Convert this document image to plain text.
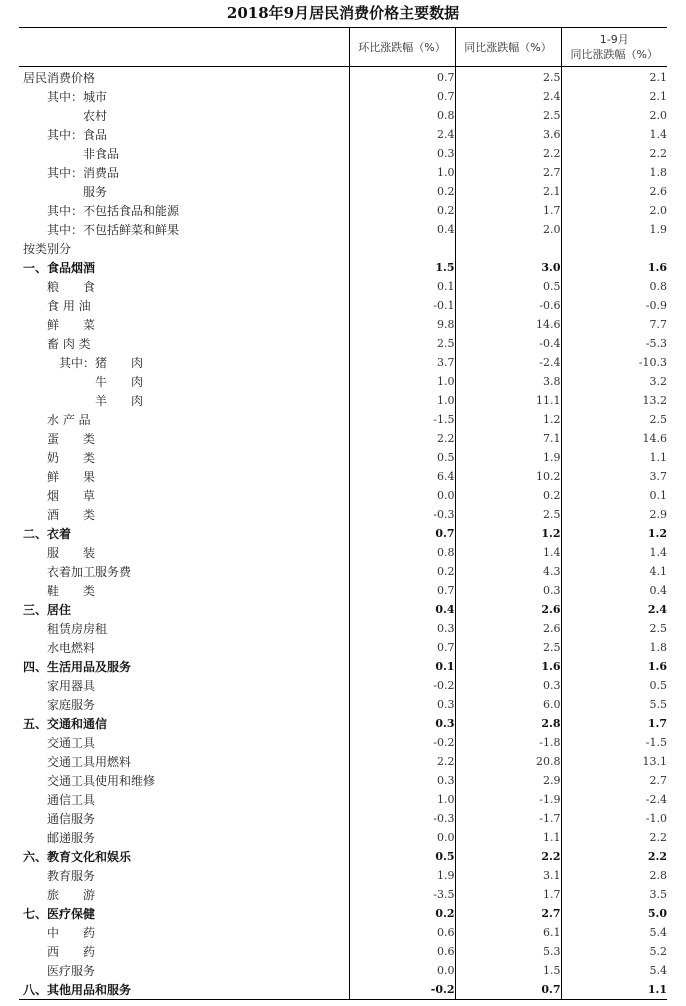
2018年9月居民消费价格主要数据
	环比涨跌幅（%）	同比涨跌幅（%）	1-9月
同比涨跌幅（%）
居民消费价格	0.7	2.5	2.1
其中：城市	0.7	2.4	2.1
农村	0.8	2.5	2.0
其中：食品	2.4	3.6	1.4
非食品	0.3	2.2	2.2
其中：消费品	1.0	2.7	1.8
服务	0.2	2.1	2.6
其中：不包括食品和能源	0.2	1.7	2.0
其中：不包括鲜菜和鲜果	0.4	2.0	1.9
按类别分			
一、食品烟酒	1.5	3.0	1.6
粮　　食	0.1	0.5	0.8
食 用 油	-0.1	-0.6	-0.9
鲜　　菜	9.8	14.6	7.7
畜 肉 类	2.5	-0.4	-5.3
其中：猪　　肉	3.7	-2.4	-10.3
牛　　肉	1.0	3.8	3.2
羊　　肉	1.0	11.1	13.2
水 产 品	-1.5	1.2	2.5
蛋　　类	2.2	7.1	14.6
奶　　类	0.5	1.9	1.1
鲜　　果	6.4	10.2	3.7
烟　　草	0.0	0.2	0.1
酒　　类	-0.3	2.5	2.9
二、衣着	0.7	1.2	1.2
服　　装	0.8	1.4	1.4
衣着加工服务费	0.2	4.3	4.1
鞋　　类	0.7	0.3	0.4
三、居住	0.4	2.6	2.4
租赁房房租	0.3	2.6	2.5
水电燃料	0.7	2.5	1.8
四、生活用品及服务	0.1	1.6	1.6
家用器具	-0.2	0.3	0.5
家庭服务	0.3	6.0	5.5
五、交通和通信	0.3	2.8	1.7
交通工具	-0.2	-1.8	-1.5
交通工具用燃料	2.2	20.8	13.1
交通工具使用和维修	0.3	2.9	2.7
通信工具	1.0	-1.9	-2.4
通信服务	-0.3	-1.7	-1.0
邮递服务	0.0	1.1	2.2
六、教育文化和娱乐	0.5	2.2	2.2
教育服务	1.9	3.1	2.8
旅　　游	-3.5	1.7	3.5
七、医疗保健	0.2	2.7	5.0
中　　药	0.6	6.1	5.4
西　　药	0.6	5.3	5.2
医疗服务	0.0	1.5	5.4
八、其他用品和服务	-0.2	0.7	1.1
